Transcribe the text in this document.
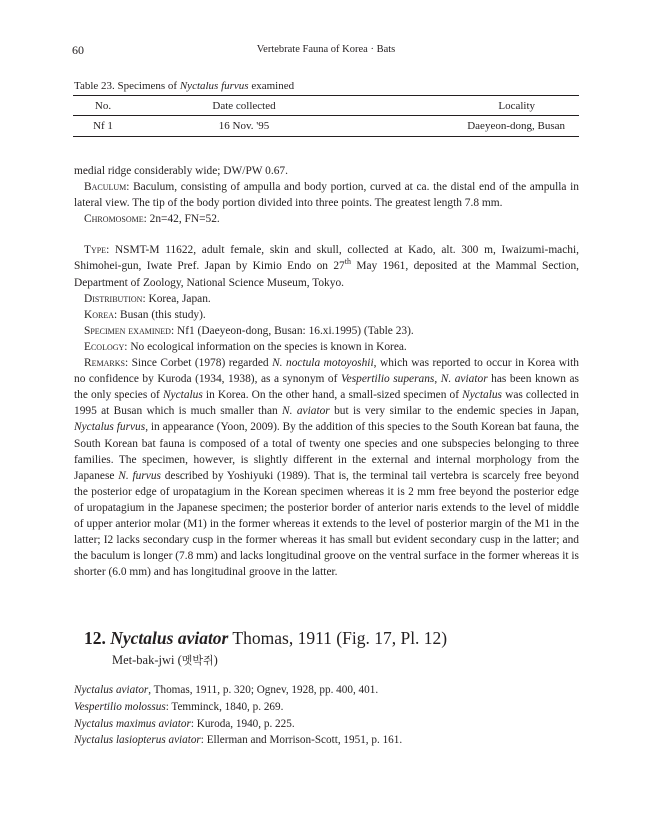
60	Vertebrate Fauna of Korea · Bats
Table 23. Specimens of Nyctalus furvus examined
No.	Date collected	Locality
Nf 1	16 Nov. '95	Daeyeon-dong, Busan

medial ridge considerably wide; DW/PW 0.67.

Baculum: Baculum, consisting of ampulla and body portion, curved at ca. the distal end of the ampulla in lateral view. The tip of the body portion divided into three points. The greatest length 7.8 mm.

Chromosome: 2n=42, FN=52.

Type: NSMT-M 11622, adult female, skin and skull, collected at Kado, alt. 300 m, Iwaizumi-machi, Shimohei-gun, Iwate Pref. Japan by Kimio Endo on 27th May 1961, deposited at the Mammal Section, Department of Zoology, National Science Museum, Tokyo.

Distribution: Korea, Japan.

Korea: Busan (this study).

Specimen examined: Nf1 (Daeyeon-dong, Busan: 16.xi.1995) (Table 23).

Ecology: No ecological information on the species is known in Korea.

Remarks: Since Corbet (1978) regarded N. noctula motoyoshii, which was reported to occur in Korea with no confidence by Kuroda (1934, 1938), as a synonym of Vespertilio superans, N. aviator has been known as the only species of Nyctalus in Korea. On the other hand, a small-sized specimen of Nyctalus was collected in 1995 at Busan which is much smaller than N. aviator but is very similar to the endemic species in Japan, Nyctalus furvus, in appearance (Yoon, 2009). By the addition of this species to the South Korean bat fauna, the South Korean bat fauna is composed of a total of twenty one species and one subspecies belonging to three families. The specimen, however, is slightly different in the external and internal morphology from the Japanese N. furvus described by Yoshiyuki (1989). That is, the terminal tail vertebra is scarcely free beyond the posterior edge of uropatagium in the Korean specimen whereas it is 2 mm free beyond the posterior edge of uropatagium in the Japanese specimen; the posterior border of anterior naris extends to the level of middle of upper anterior molar (M1) in the former whereas it extends to the level of posterior margin of the M1 in the latter; I2 lacks secondary cusp in the former whereas it has small but evident secondary cusp in the latter; and the baculum is longer (7.8 mm) and lacks longitudinal groove on the ventral surface in the former whereas it is shorter (6.0 mm) and has longitudinal groove in the latter.

12. Nyctalus aviator Thomas, 1911 (Fig. 17, Pl. 12)
Met-bak-jwi (멧박쥐)
Nyctalus aviator, Thomas, 1911, p. 320; Ognev, 1928, pp. 400, 401.
Vespertilio molossus: Temminck, 1840, p. 269.
Nyctalus maximus aviator: Kuroda, 1940, p. 225.
Nyctalus lasiopterus aviator: Ellerman and Morrison-Scott, 1951, p. 161.
